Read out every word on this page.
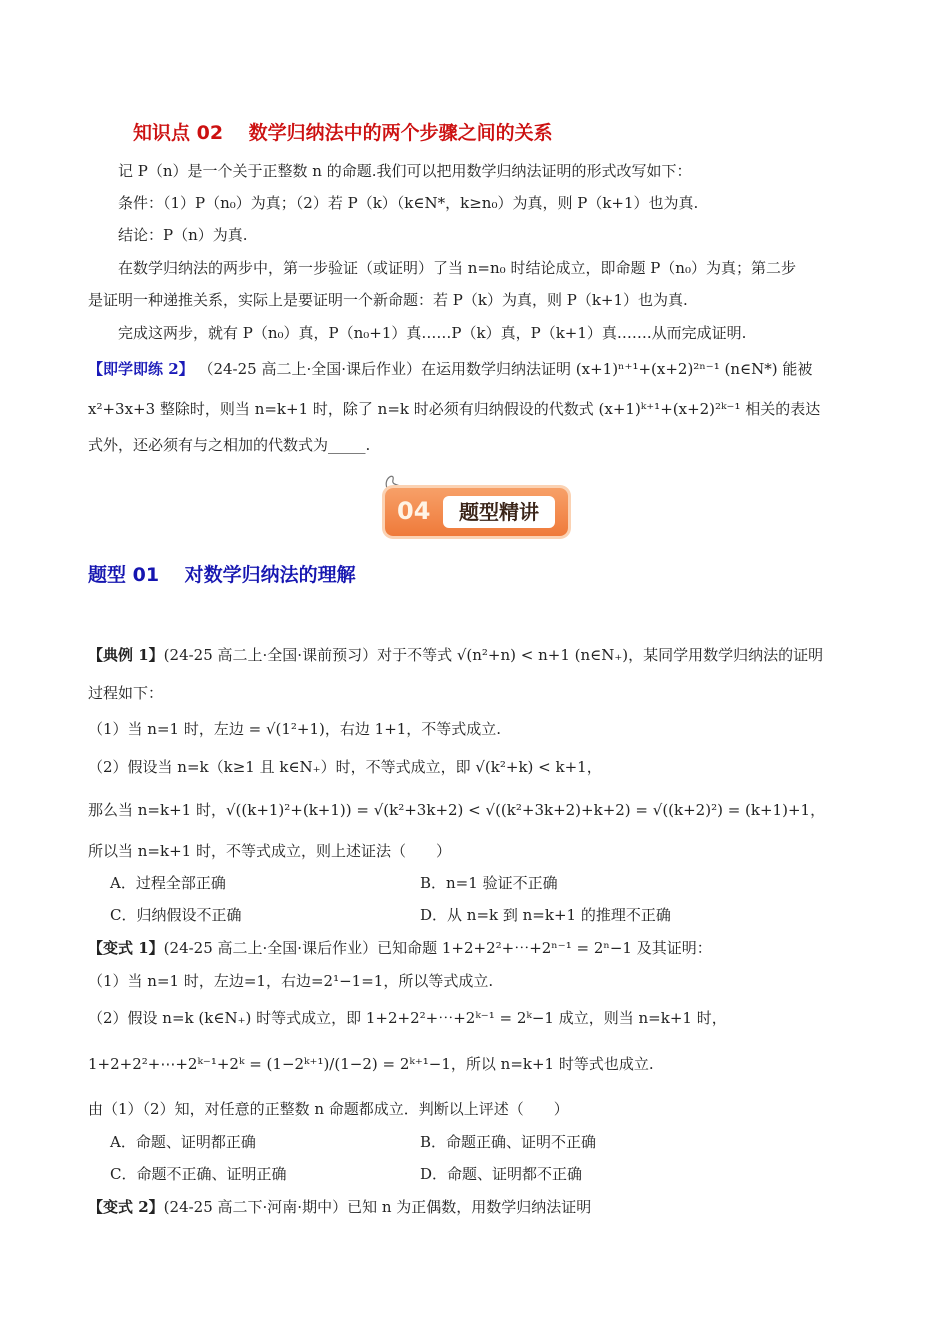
知识点 02　 数学归纳法中的两个步骤之间的关系
记 P（n）是一个关于正整数 n 的命题.我们可以把用数学归纳法证明的形式改写如下：
条件：（1）P（n₀）为真；（2）若 P（k）（k∈N*，k≥n₀）为真，则 P（k+1）也为真.
结论：P（n）为真.
在数学归纳法的两步中，第一步验证（或证明）了当 n=n₀ 时结论成立，即命题 P（n₀）为真；第二步
是证明一种递推关系，实际上是要证明一个新命题：若 P（k）为真，则 P（k+1）也为真.
完成这两步，就有 P（n₀）真，P（n₀+1）真……P（k）真，P（k+1）真…….从而完成证明.
【即学即练 2】 （24-25 高二上·全国·课后作业）在运用数学归纳法证明 (x+1)ⁿ⁺¹+(x+2)²ⁿ⁻¹ (n∈N*) 能被
x²+3x+3 整除时，则当 n=k+1 时，除了 n=k 时必须有归纳假设的代数式 (x+1)ᵏ⁺¹+(x+2)²ᵏ⁻¹ 相关的表达
式外，还必须有与之相加的代数式为_____.
04	题型精讲
题型 01　 对数学归纳法的理解
【典例 1】(24-25 高二上·全国·课前预习）对于不等式 √(n²+n) < n+1 (n∈N₊)，某同学用数学归纳法的证明
过程如下：
（1）当 n=1 时，左边 = √(1²+1)，右边 1+1，不等式成立.
（2）假设当 n=k（k≥1 且 k∈N₊）时，不等式成立，即 √(k²+k) < k+1，
那么当 n=k+1 时，√((k+1)²+(k+1)) = √(k²+3k+2) < √((k²+3k+2)+k+2) = √((k+2)²) = (k+1)+1，
所以当 n=k+1 时，不等式成立，则上述证法（　　）
A．过程全部正确	B．n=1 验证不正确
C．归纳假设不正确	D．从 n=k 到 n=k+1 的推理不正确
【变式 1】(24-25 高二上·全国·课后作业）已知命题 1+2+2²+⋯+2ⁿ⁻¹ = 2ⁿ−1 及其证明：
（1）当 n=1 时，左边=1，右边=2¹−1=1，所以等式成立.
（2）假设 n=k (k∈N₊) 时等式成立，即 1+2+2²+⋯+2ᵏ⁻¹ = 2ᵏ−1 成立，则当 n=k+1 时，
1+2+2²+⋯+2ᵏ⁻¹+2ᵏ = (1−2ᵏ⁺¹)/(1−2) = 2ᵏ⁺¹−1，所以 n=k+1 时等式也成立.
由（1）（2）知，对任意的正整数 n 命题都成立．判断以上评述（　　）
A．命题、证明都正确	B．命题正确、证明不正确
C．命题不正确、证明正确	D．命题、证明都不正确
【变式 2】(24-25 高二下·河南·期中）已知 n 为正偶数，用数学归纳法证明
